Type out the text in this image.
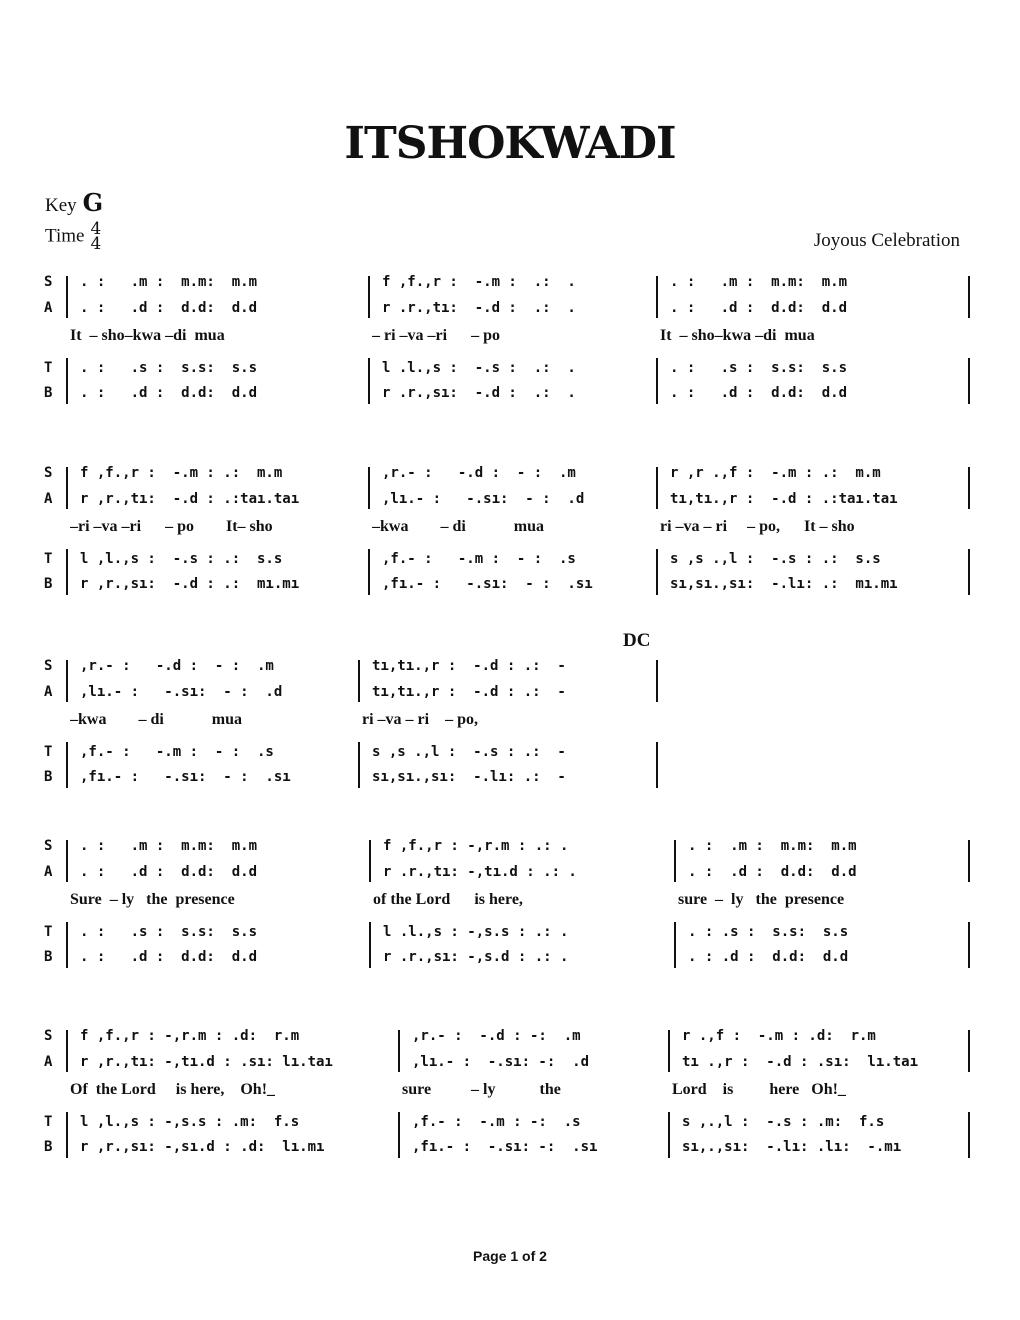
ITSHOKWADI
Key G
Time 4
4	Joyous Celebration
DC
S
A
T
B
. :   .m :  m.m:  m.m	f ,f.,r :  -.m :  .:  .	. :   .m :  m.m:  m.m
. :   .d :  d.d:  d.d	r .r.,tı:  -.d :  .:  .	. :   .d :  d.d:  d.d
It  – sho–kwa –di  mua	– ri –va –ri      – po	It  – sho–kwa –di  mua
. :   .s :  s.s:  s.s	l .l.,s :  -.s :  .:  .	. :   .s :  s.s:  s.s
. :   .d :  d.d:  d.d	r .r.,sı:  -.d :  .:  .	. :   .d :  d.d:  d.d
S
A
T
B
f ,f.,r :  -.m : .:  m.m	,r.- :   -.d :  - :  .m	r ,r .,f :  -.m : .:  m.m
r ,r.,tı:  -.d : .:taı.taı	,lı.- :   -.sı:  - :  .d	tı,tı.,r :  -.d : .:taı.taı
–ri –va –ri      – po        It– sho	–kwa        – di            mua	ri –va – ri     – po,      It – sho
l ,l.,s :  -.s : .:  s.s	,f.- :   -.m :  - :  .s	s ,s .,l :  -.s : .:  s.s
r ,r.,sı:  -.d : .:  mı.mı	,fı.- :   -.sı:  - :  .sı	sı,sı.,sı:  -.lı: .:  mı.mı
S
A
T
B
,r.- :   -.d :  - :  .m	tı,tı.,r :  -.d : .:  -
,lı.- :   -.sı:  - :  .d	tı,tı.,r :  -.d : .:  -
–kwa        – di            mua	ri –va – ri    – po,
,f.- :   -.m :  - :  .s	s ,s .,l :  -.s : .:  -
,fı.- :   -.sı:  - :  .sı	sı,sı.,sı:  -.lı: .:  -
S
A
T
B
. :   .m :  m.m:  m.m	f ,f.,r : -,r.m : .: .	. :  .m :  m.m:  m.m
. :   .d :  d.d:  d.d	r .r.,tı: -,tı.d : .: .	. :  .d :  d.d:  d.d
Sure  – ly   the  presence	of the Lord      is here,	sure  –  ly   the  presence
. :   .s :  s.s:  s.s	l .l.,s : -,s.s : .: .	. : .s :  s.s:  s.s
. :   .d :  d.d:  d.d	r .r.,sı: -,s.d : .: .	. : .d :  d.d:  d.d
S
A
T
B
f ,f.,r : -,r.m : .d:  r.m	,r.- :  -.d : -:  .m	r .,f :  -.m : .d:  r.m
r ,r.,tı: -,tı.d : .sı: lı.taı	,lı.- :  -.sı: -:  .d	tı .,r :  -.d : .sı:  lı.taı
Of  the Lord     is here,    Oh!_	sure          – ly           the	Lord    is         here   Oh!_
l ,l.,s : -,s.s : .m:  f.s	,f.- :  -.m : -:  .s	s ,.,l :  -.s : .m:  f.s
r ,r.,sı: -,sı.d : .d:  lı.mı	,fı.- :  -.sı: -:  .sı	sı,.,sı:  -.lı: .lı:  -.mı
Page 1 of 2
